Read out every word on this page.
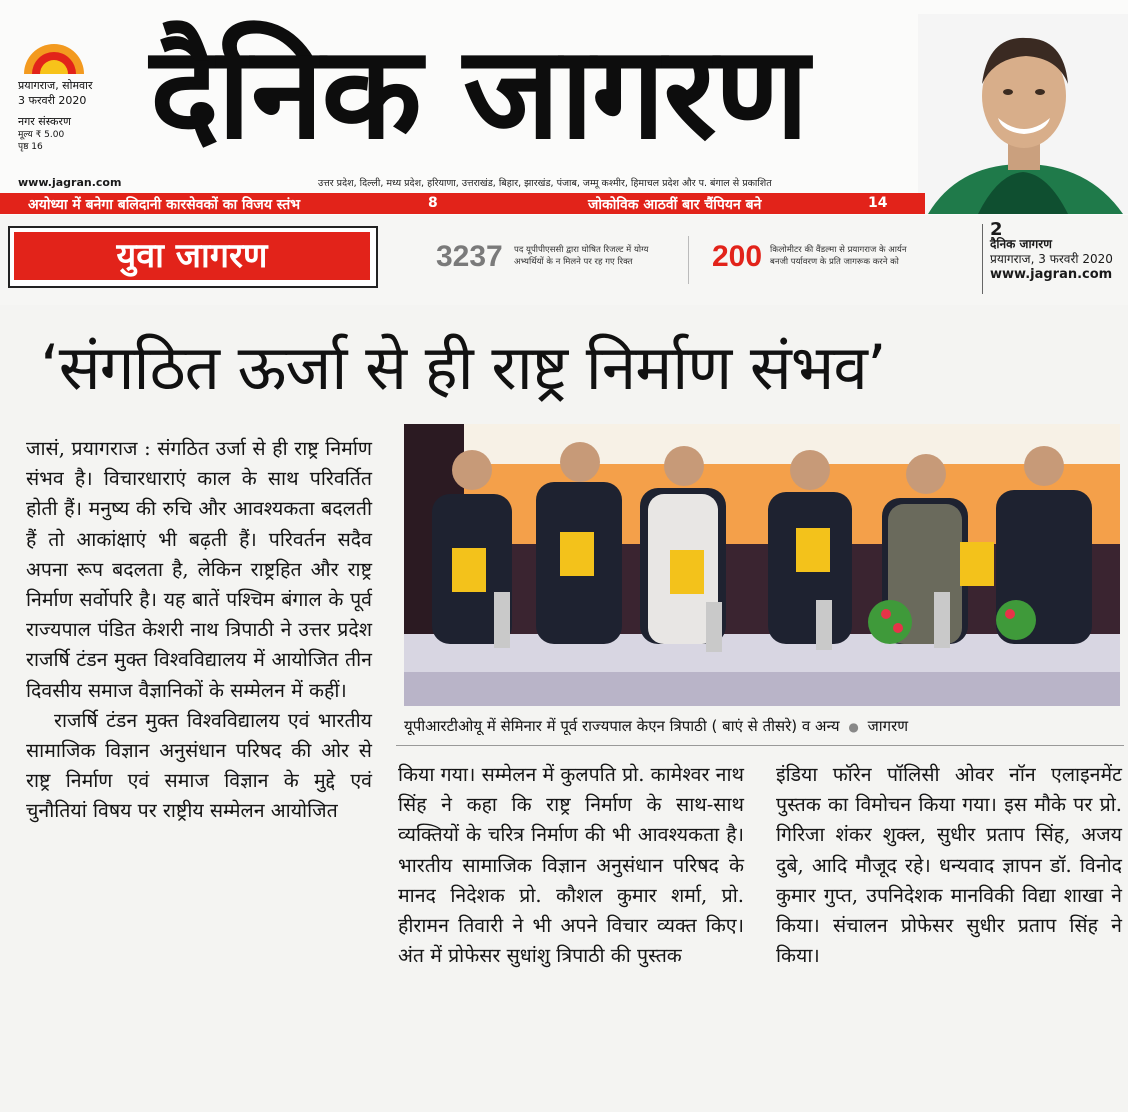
प्रयागराज, सोमवार
3 फरवरी 2020
नगर संस्करण
मूल्य ₹ 5.00
पृष्ठ 16 दैनिक जागरण
www.jagran.com	उत्तर प्रदेश, दिल्ली, मध्य प्रदेश, हरियाणा, उत्तराखंड, बिहार, झारखंड, पंजाब, जम्मू कश्मीर, हिमाचल प्रदेश और प. बंगाल से प्रकाशित
अयोध्या में बनेगा बलिदानी कारसेवकों का विजय स्तंभ	8	जोकोविक आठवीं बार चैंपियन बने	14
युवा जागरण	3237 पद यूपीपीएससी द्वारा घोषित रिजल्ट में योग्य
अभ्यर्थियों के न मिलने पर रह गए रिक्त	200 किलोमीटर की वैंडल्मा से प्रयागराज के आर्यन
बनजी पर्यावरण के प्रति जागरूक करने को
2
दैनिक जागरण
प्रयागराज, 3 फरवरी 2020
www.jagran.com
‘संगठित ऊर्जा से ही राष्ट्र निर्माण संभव’

जासं, प्रयागराज : संगठित उर्जा से ही राष्ट्र निर्माण संभव है। विचारधाराएं काल के साथ परिवर्तित होती हैं। मनुष्य की रुचि और आवश्यकता बदलती हैं तो आकांक्षाएं भी बढ़ती हैं। परिवर्तन सदैव अपना रूप बदलता है, लेकिन राष्ट्रहित और राष्ट्र निर्माण सर्वोपरि है। यह बातें पश्चिम बंगाल के पूर्व राज्यपाल पंडित केशरी नाथ त्रिपाठी ने उत्तर प्रदेश राजर्षि टंडन मुक्त विश्वविद्यालय में आयोजित तीन दिवसीय समाज वैज्ञानिकों के सम्मेलन में कहीं।

राजर्षि टंडन मुक्त विश्वविद्यालय एवं भारतीय सामाजिक विज्ञान अनुसंधान परिषद की ओर से राष्ट्र निर्माण एवं समाज विज्ञान के मुद्दे एवं चुनौतियां विषय पर राष्ट्रीय सम्मेलन आयोजित

यूपीआरटीओयू में सेमिनार में पूर्व राज्यपाल केएन त्रिपाठी ( बाएं से तीसरे) व अन्य ● जागरण

किया गया। सम्मेलन में कुलपति प्रो. कामेश्वर नाथ सिंह ने कहा कि राष्ट्र निर्माण के साथ-साथ व्यक्तियों के चरित्र निर्माण की भी आवश्यकता है। भारतीय सामाजिक विज्ञान अनुसंधान परिषद के मानद निदेशक प्रो. कौशल कुमार शर्मा, प्रो. हीरामन तिवारी ने भी अपने विचार व्यक्त किए। अंत में प्रोफेसर सुधांशु त्रिपाठी की पुस्तक

इंडिया फॉरेन पॉलिसी ओवर नॉन एलाइनमेंट पुस्तक का विमोचन किया गया। इस मौके पर प्रो. गिरिजा शंकर शुक्ल, सुधीर प्रताप सिंह, अजय दुबे, आदि मौजूद रहे। धन्यवाद ज्ञापन डॉ. विनोद कुमार गुप्त, उपनिदेशक मानविकी विद्या शाखा ने किया। संचालन प्रोफेसर सुधीर प्रताप सिंह ने किया।
